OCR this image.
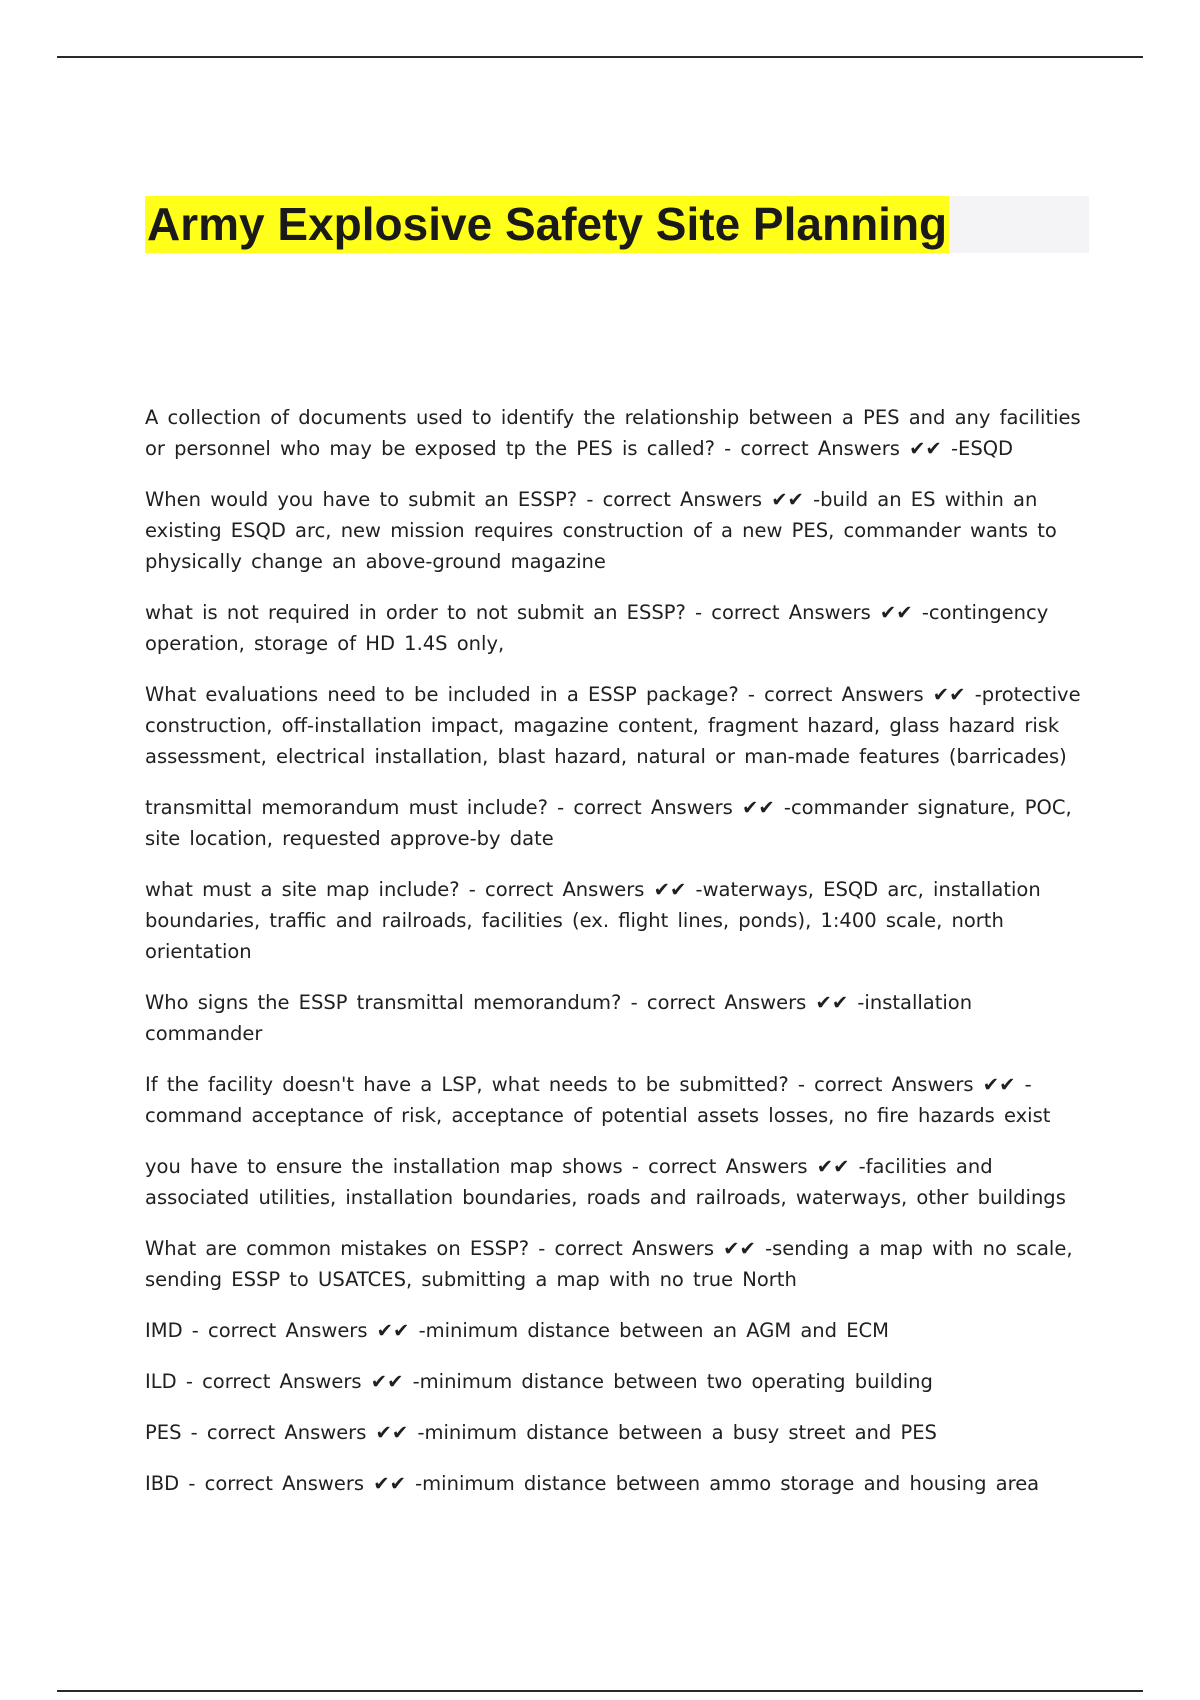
Army Explosive Safety Site Planning

A collection of documents used to identify the relationship between a PES and any facilities or personnel who may be exposed tp the PES is called? - correct Answers ✔✔ -ESQD

When would you have to submit an ESSP? - correct Answers ✔✔ -build an ES within an existing ESQD arc, new mission requires construction of a new PES, commander wants to physically change an above-ground magazine

what is not required in order to not submit an ESSP? - correct Answers ✔✔ -contingency operation, storage of HD 1.4S only,

What evaluations need to be included in a ESSP package? - correct Answers ✔✔ -protective construction, off-installation impact, magazine content, fragment hazard, glass hazard risk assessment, electrical installation, blast hazard, natural or man-made features (barricades)

transmittal memorandum must include? - correct Answers ✔✔ -commander signature, POC, site location, requested approve-by date

what must a site map include? - correct Answers ✔✔ -waterways, ESQD arc, installation boundaries, traffic and railroads, facilities (ex. flight lines, ponds), 1:400 scale, north orientation

Who signs the ESSP transmittal memorandum? - correct Answers ✔✔ -installation commander

If the facility doesn't have a LSP, what needs to be submitted? - correct Answers ✔✔ -command acceptance of risk, acceptance of potential assets losses, no fire hazards exist

you have to ensure the installation map shows - correct Answers ✔✔ -facilities and associated utilities, installation boundaries, roads and railroads, waterways, other buildings

What are common mistakes on ESSP? - correct Answers ✔✔ -sending a map with no scale, sending ESSP to USATCES, submitting a map with no true North

IMD - correct Answers ✔✔ -minimum distance between an AGM and ECM

ILD - correct Answers ✔✔ -minimum distance between two operating building

PES - correct Answers ✔✔ -minimum distance between a busy street and PES

IBD - correct Answers ✔✔ -minimum distance between ammo storage and housing area
